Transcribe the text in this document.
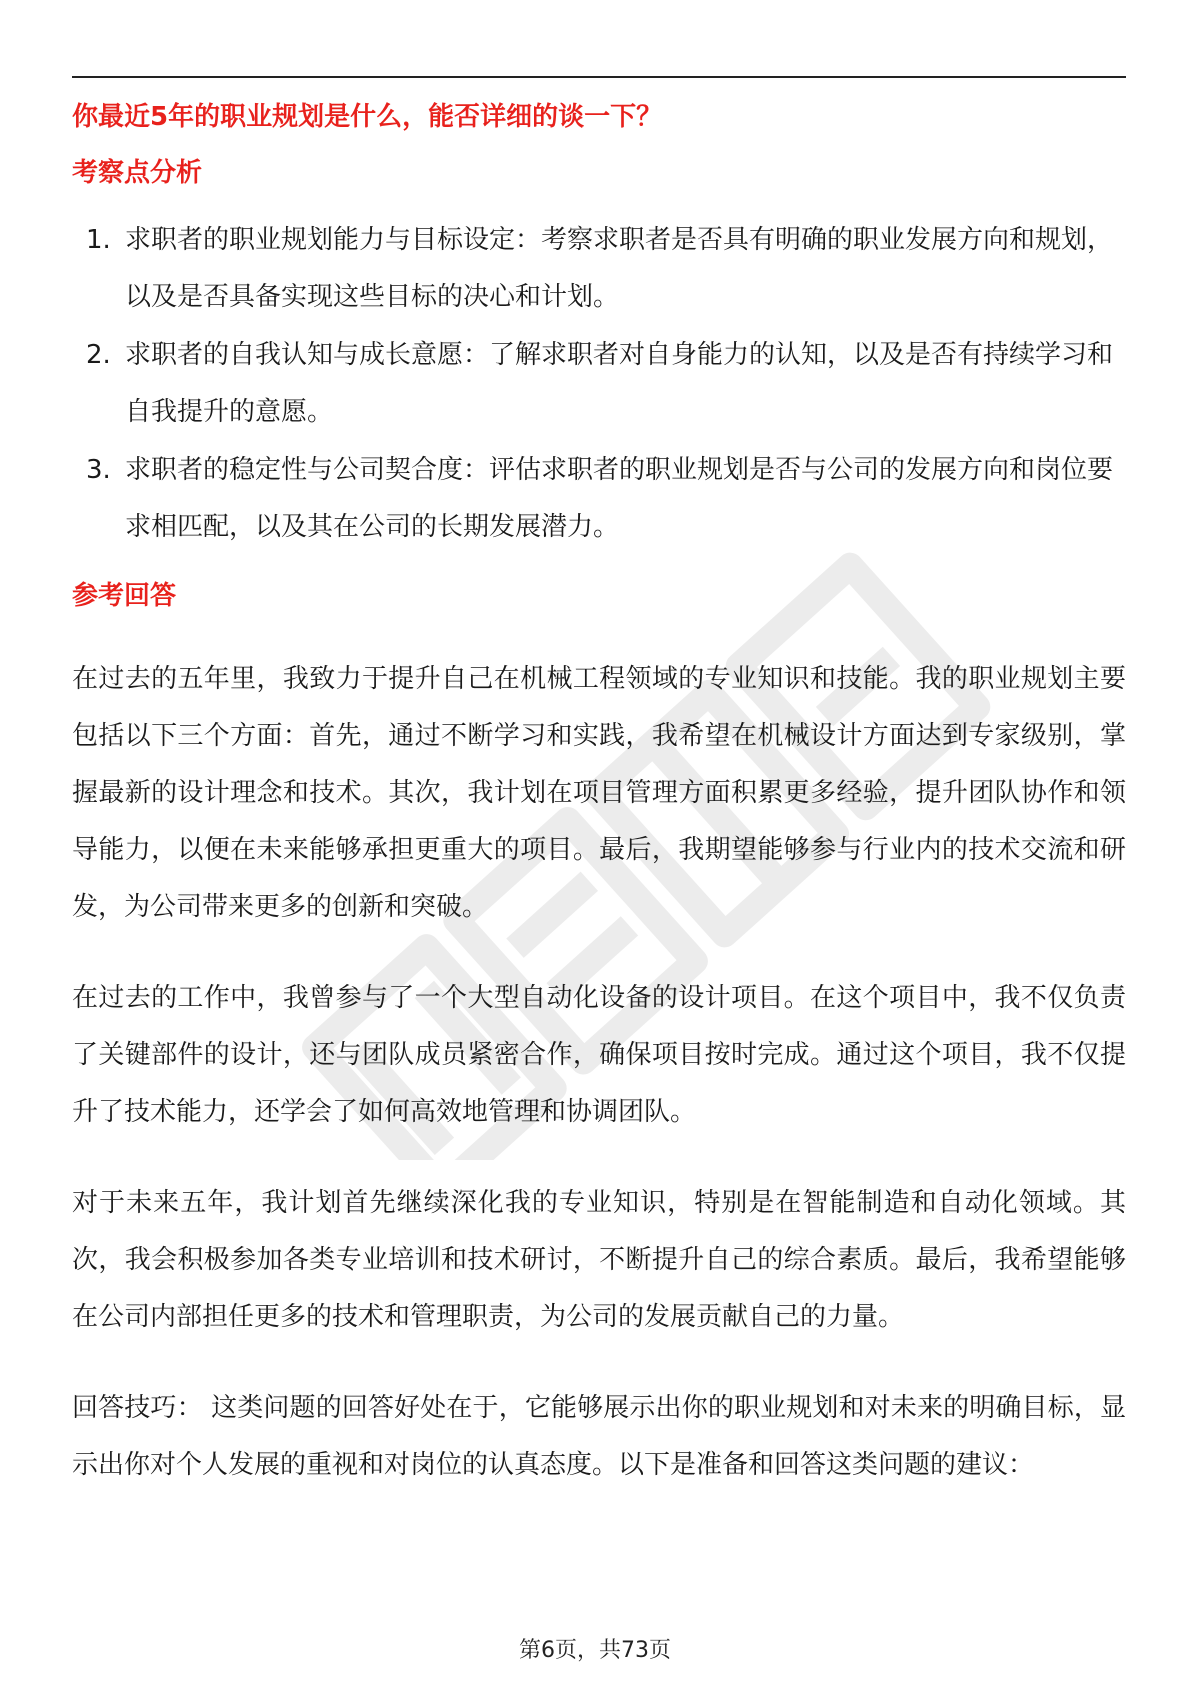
你最近5年的职业规划是什么，能否详细的谈一下？
考察点分析
1. 求职者的职业规划能力与目标设定：考察求职者是否具有明确的职业发展方向和规划，以及是否具备实现这些目标的决心和计划。
2. 求职者的自我认知与成长意愿：了解求职者对自身能力的认知，以及是否有持续学习和自我提升的意愿。
3. 求职者的稳定性与公司契合度：评估求职者的职业规划是否与公司的发展方向和岗位要求相匹配，以及其在公司的长期发展潜力。
参考回答

在过去的五年里，我致力于提升自己在机械工程领域的专业知识和技能。我的职业规划主要包括以下三个方面：首先，通过不断学习和实践，我希望在机械设计方面达到专家级别，掌握最新的设计理念和技术。其次，我计划在项目管理方面积累更多经验，提升团队协作和领导能力，以便在未来能够承担更重大的项目。最后，我期望能够参与行业内的技术交流和研发，为公司带来更多的创新和突破。

在过去的工作中，我曾参与了一个大型自动化设备的设计项目。在这个项目中，我不仅负责了关键部件的设计，还与团队成员紧密合作，确保项目按时完成。通过这个项目，我不仅提升了技术能力，还学会了如何高效地管理和协调团队。

对于未来五年，我计划首先继续深化我的专业知识，特别是在智能制造和自动化领域。其次，我会积极参加各类专业培训和技术研讨，不断提升自己的综合素质。最后，我希望能够在公司内部担任更多的技术和管理职责，为公司的发展贡献自己的力量。

回答技巧： 这类问题的回答好处在于，它能够展示出你的职业规划和对未来的明确目标，显示出你对个人发展的重视和对岗位的认真态度。以下是准备和回答这类问题的建议：

第6页，共73页
